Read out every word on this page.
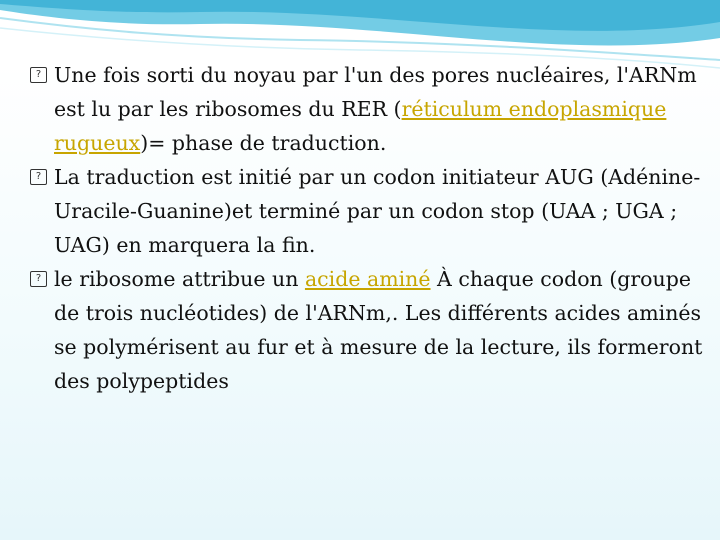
? Une fois sorti du noyau par l'un des pores nucléaires, l'ARNm est lu par les ribosomes du RER (réticulum endoplasmique rugueux)= phase de traduction.
? La traduction est initié par un codon initiateur AUG (Adénine-Uracile-Guanine)et terminé par un codon stop (UAA ; UGA ; UAG) en marquera la fin.
? le ribosome attribue un acide aminé À chaque codon (groupe de trois nucléotides) de l'ARNm,. Les différents acides aminés se polymérisent au fur et à mesure de la lecture, ils formeront des polypeptides
